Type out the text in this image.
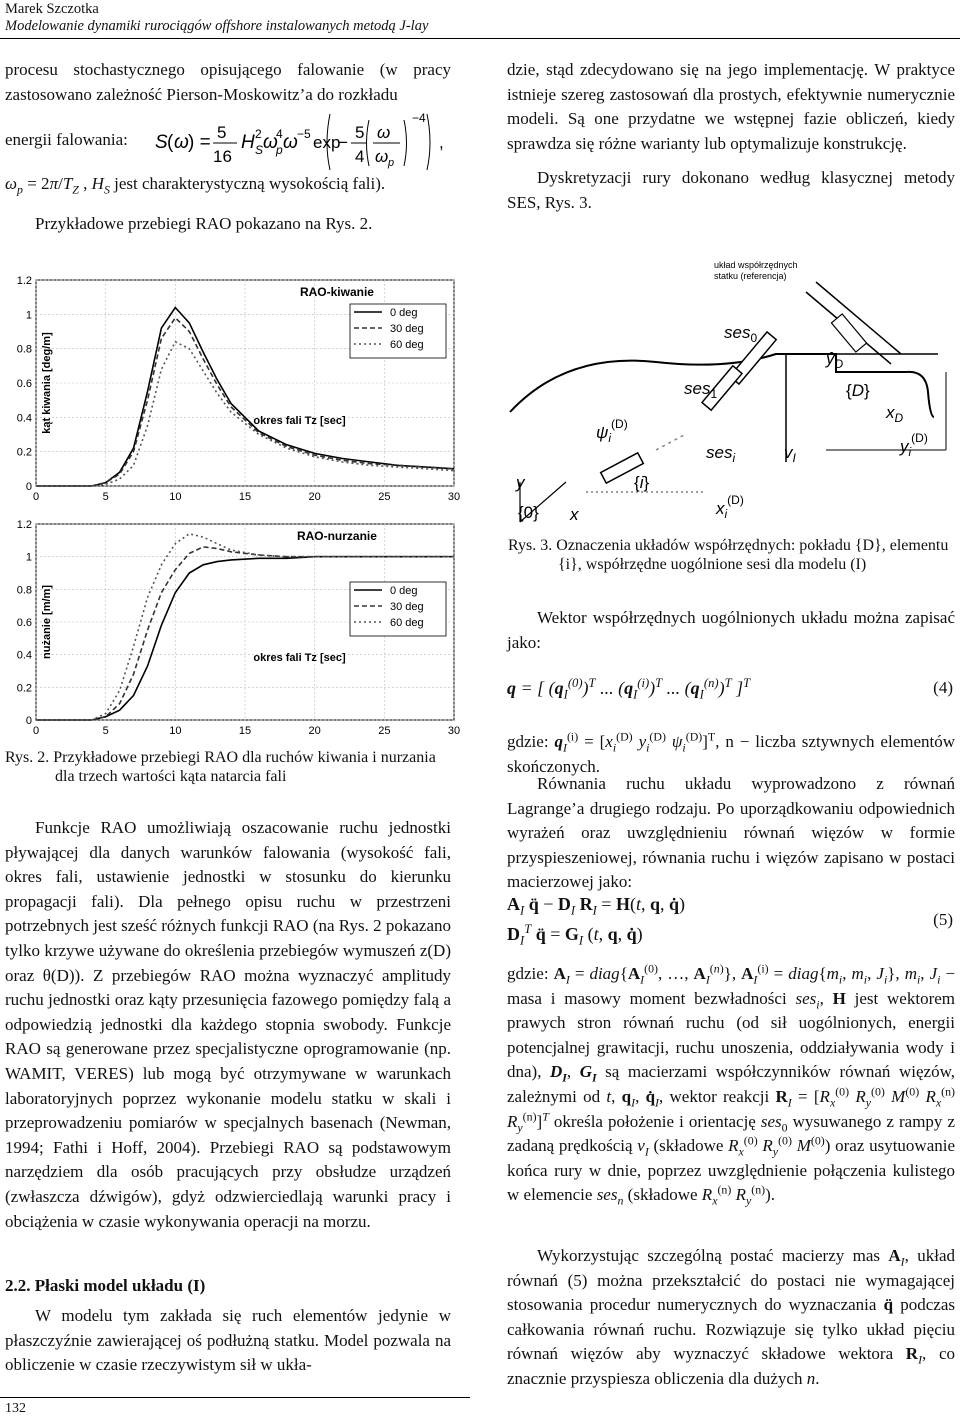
Marek Szczotka
Modelowanie dynamiki rurociągów offshore instalowanych metodą J-lay

procesu stochastycznego opisującego falowanie (w pracy zastosowano zależność Pierson-Moskowitz’a do rozkładu

energii falowania: S ( ω ) = 5
16
H 2
S ω
4
p ω −5 exp
−
5
4
ω
ω p
−4
,
$\omega_p = 2\pi/T_Z$ , $H_S$ jest charakterystyczną wysokością fali).
Przykładowe przebiegi RAO pokazano na Rys. 2.
0
0.2
0.4
0.6
0.8
1
1.2
0	5	10	15	20	25	30
RAO-kiwanie
0 deg
30 deg
60 deg
okres fali Tz [sec]
kąt kiwania [deg/m]
0
0.2
0.4
0.6
0.8
1
1.2
0	5	10	15	20	25	30
RAO-nurzanie
0 deg
30 deg
60 deg
okres fali Tz [sec]
nużanie [m/m]
Rys. 2. Przykładowe przebiegi RAO dla ruchów kiwania i nurzania dla trzech wartości kąta natarcia fali
Funkcje RAO umożliwiają oszacowanie ruchu jednostki pływającej dla danych warunków falowania (wysokość fali, okres fali, ustawienie jednostki w stosunku do kierunku propagacji fali). Dla pełnego opisu ruchu w przestrzeni potrzebnych jest sześć różnych funkcji RAO (na Rys. 2 pokazano tylko krzywe używane do określenia przebiegów wymuszeń z(D) oraz θ(D)). Z przebiegów RAO można wyznaczyć amplitudy ruchu jednostki oraz kąty przesunięcia fazowego pomiędzy falą a odpowiedzią jednostki dla każdego stopnia swobody. Funkcje RAO są generowane przez specjalistyczne oprogramowanie (np. WAMIT, VERES) lub mogą być otrzymywane w warunkach laboratoryjnych poprzez wykonanie modelu statku w skali i przeprowadzeniu pomiarów w specjalnych basenach (Newman, 1994; Fathi i Hoff, 2004). Przebiegi RAO są podstawowym narzędziem dla osób pracujących przy obsłudze urządzeń (zwłaszcza dźwigów), gdyż odzwierciedlają warunki pracy i obciążenia w czasie wykonywania operacji na morzu.
2.2. Płaski model układu (I)
W modelu tym zakłada się ruch elementów jedynie w płaszczyźnie zawierającej oś podłużną statku. Model pozwala na obliczenie w czasie rzeczywistym sił w ukła-
dzie, stąd zdecydowano się na jego implementację. W praktyce istnieje szereg zastosowań dla prostych, efektywnie numerycznie modeli. Są one przydatne we wstępnej fazie obliczeń, kiedy sprawdza się różne warianty lub optymalizuje konstrukcję.
Dyskretyzacji rury dokonano według klasycznej metody SES, Rys. 3.
układ współrzędnych statku (referencja)
ses$_0$
ses$_1$
ses$_i$
$ŷ_D$
{D}
$x_D$
$v_I$
$y_i^{(D)}$
$\psi_i^{(D)}$
{i}
y
{0} x	$x_i^{(D)}$
Rys. 3. Oznaczenia układów współrzędnych: pokładu {D}, elementu {i}, współrzędne uogólnione sesi dla modelu (I)
Wektor współrzędnych uogólnionych układu można zapisać jako:
q = [ $(q_I^{(0)})^T$ ... $(q_I^{(i)})^T$ ... $(q_I^{(n)})^T$ ]$^T$	(4)
gdzie: $q_I^{(i)} = [x_i^{(D)}$ $y_i^{(D)}$ $\psi_i^{(D)}]^T$, n − liczba sztywnych elementów skończonych.
Równania ruchu układu wyprowadzono z równań Lagrange’a drugiego rodzaju. Po uporządkowaniu odpowiednich wyrażeń oraz uwzględnieniu równań więzów w formie przyspieszeniowej, równania ruchu i więzów zapisano w postaci macierzowej jako:
$A_I$ q̈ − $D_I$ $R_I = H(t$, q, q̇)
$D_I^T$ q̈ = $G_I$ (t, q, q̇)
(5)
gdzie: $A_I$ = $diag\{A_I^{(0)}$, …, $A_I^{(n)}$}, $A_I^{(i)}$ = $diag\{m_i$, $m_i$, $J_i$}, $m_i$, $J_i$ − masa i masowy moment bezwładności ses$_i$, H jest wektorem prawych stron równań ruchu (od sił uogólnionych, energii potencjalnej grawitacji, ruchu unoszenia, oddziaływania wody i dna), $D_I$, $G_I$ są macierzami współczynników równań więzów, zależnymi od t, $q_I$, $q̇_I$, wektor reakcji $R_I = [R_x^{(0)}$ $R_y^{(0)}$ $M^{(0)}$ $R_x^{(n)}$ $R_y^{(n)}]^T$ określa położenie i orientację ses$_0$ wysuwanego z rampy z zadaną prędkością $v_I$ (składowe $R_x^{(0)}$ $R_y^{(0)}$ $M^{(0)}$) oraz usytuowanie końca rury w dnie, poprzez uwzględnienie połączenia kulistego w elemencie ses$_n$ (składowe $R_x^{(n)}$ $R_y^{(n)}$).
Wykorzystując szczególną postać macierzy mas $A_I$, układ równań (5) można przekształcić do postaci nie wymagającej stosowania procedur numerycznych do wyznaczania q̈ podczas całkowania równań ruchu. Rozwiązuje się tylko układ pięciu równań więzów aby wyznaczyć składowe wektora $R_I$, co znacznie przyspiesza obliczenia dla dużych n.
132
